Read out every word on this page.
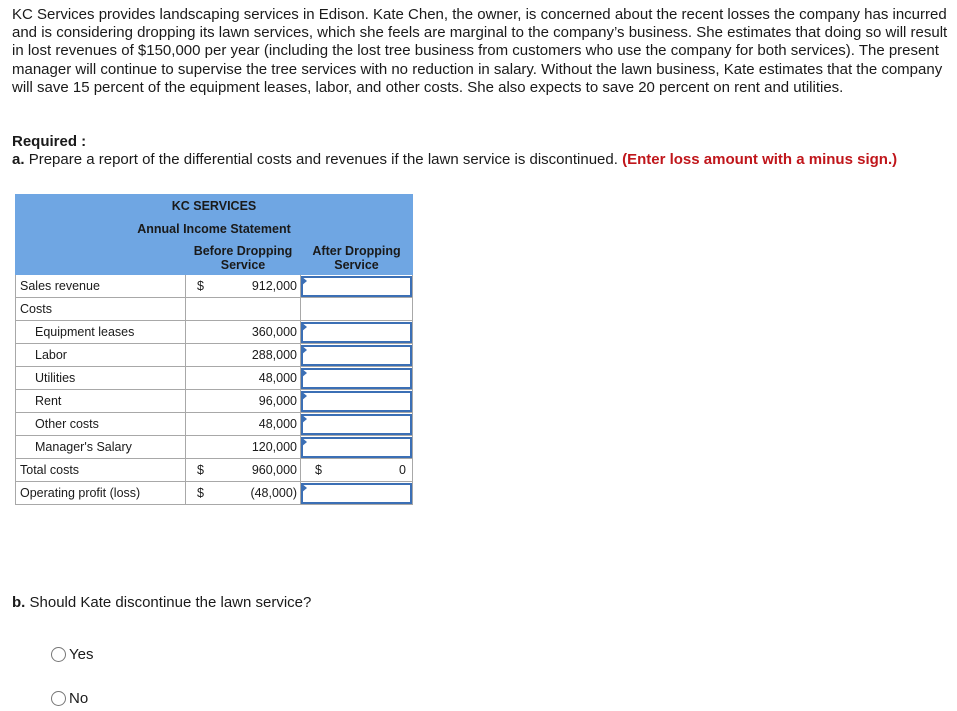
KC Services provides landscaping services in Edison. Kate Chen, the owner, is concerned about the recent losses the company has incurred and is considering dropping its lawn services, which she feels are marginal to the company’s business. She estimates that doing so will result in lost revenues of $150,000 per year (including the lost tree business from customers who use the company for both services). The present manager will continue to supervise the tree services with no reduction in salary. Without the lawn business, Kate estimates that the company will save 15 percent of the equipment leases, labor, and other costs. She also expects to save 20 percent on rent and utilities.
Required :
a. Prepare a report of the differential costs and revenues if the lawn service is discontinued. (Enter loss amount with a minus sign.)
KC SERVICES		
Annual Income Statement		
	Before Dropping Service	After Dropping Service
Sales revenue	$ 912,000	

Costs		
Equipment leases	360,000	

Labor	288,000	

Utilities	48,000	

Rent	96,000	

Other costs	48,000	

Manager's Salary	120,000	

Total costs	$ 960,000	$ 0

Operating profit (loss)	$ (48,000)	

b. Should Kate discontinue the lawn service?
Yes
No
